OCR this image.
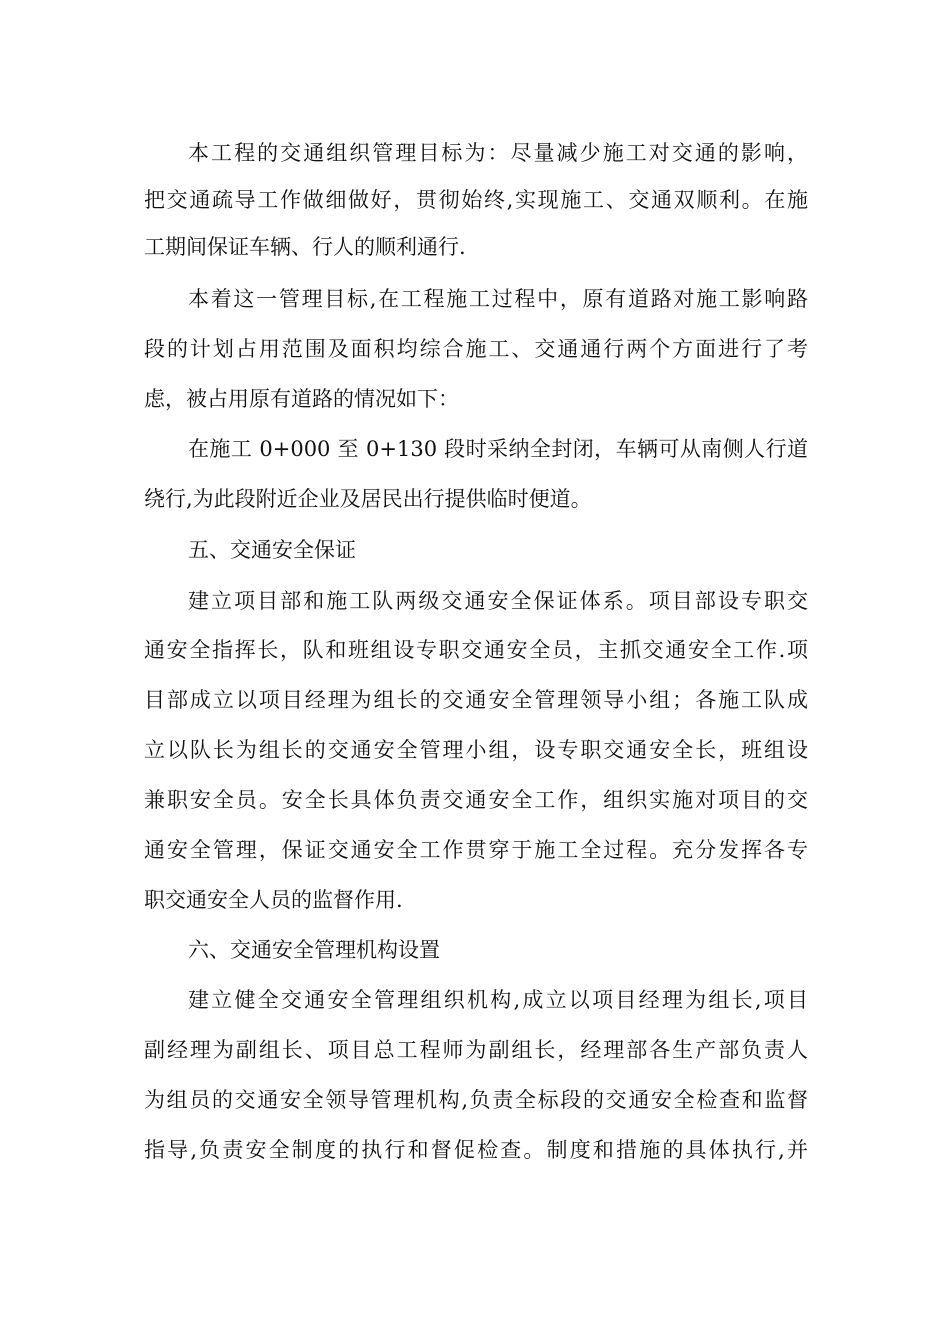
本工程的交通组织管理目标为：尽量减少施工对交通的影响，
把交通疏导工作做细做好，贯彻始终,实现施工、交通双顺利。在施
工期间保证车辆、行人的顺利通行.
本着这一管理目标,在工程施工过程中，原有道路对施工影响路
段的计划占用范围及面积均综合施工、交通通行两个方面进行了考
虑，被占用原有道路的情况如下：
在施工 0+000 至 0+130 段时采纳全封闭，车辆可从南侧人行道
绕行,为此段附近企业及居民出行提供临时便道。
五、交通安全保证
建立项目部和施工队两级交通安全保证体系。项目部设专职交
通安全指挥长，队和班组设专职交通安全员，主抓交通安全工作.项
目部成立以项目经理为组长的交通安全管理领导小组；各施工队成
立以队长为组长的交通安全管理小组，设专职交通安全长，班组设
兼职安全员。安全长具体负责交通安全工作，组织实施对项目的交
通安全管理，保证交通安全工作贯穿于施工全过程。充分发挥各专
职交通安全人员的监督作用.
六、交通安全管理机构设置
建立健全交通安全管理组织机构,成立以项目经理为组长,项目
副经理为副组长、项目总工程师为副组长，经理部各生产部负责人
为组员的交通安全领导管理机构,负责全标段的交通安全检查和监督
指导,负责安全制度的执行和督促检查。制度和措施的具体执行,并
